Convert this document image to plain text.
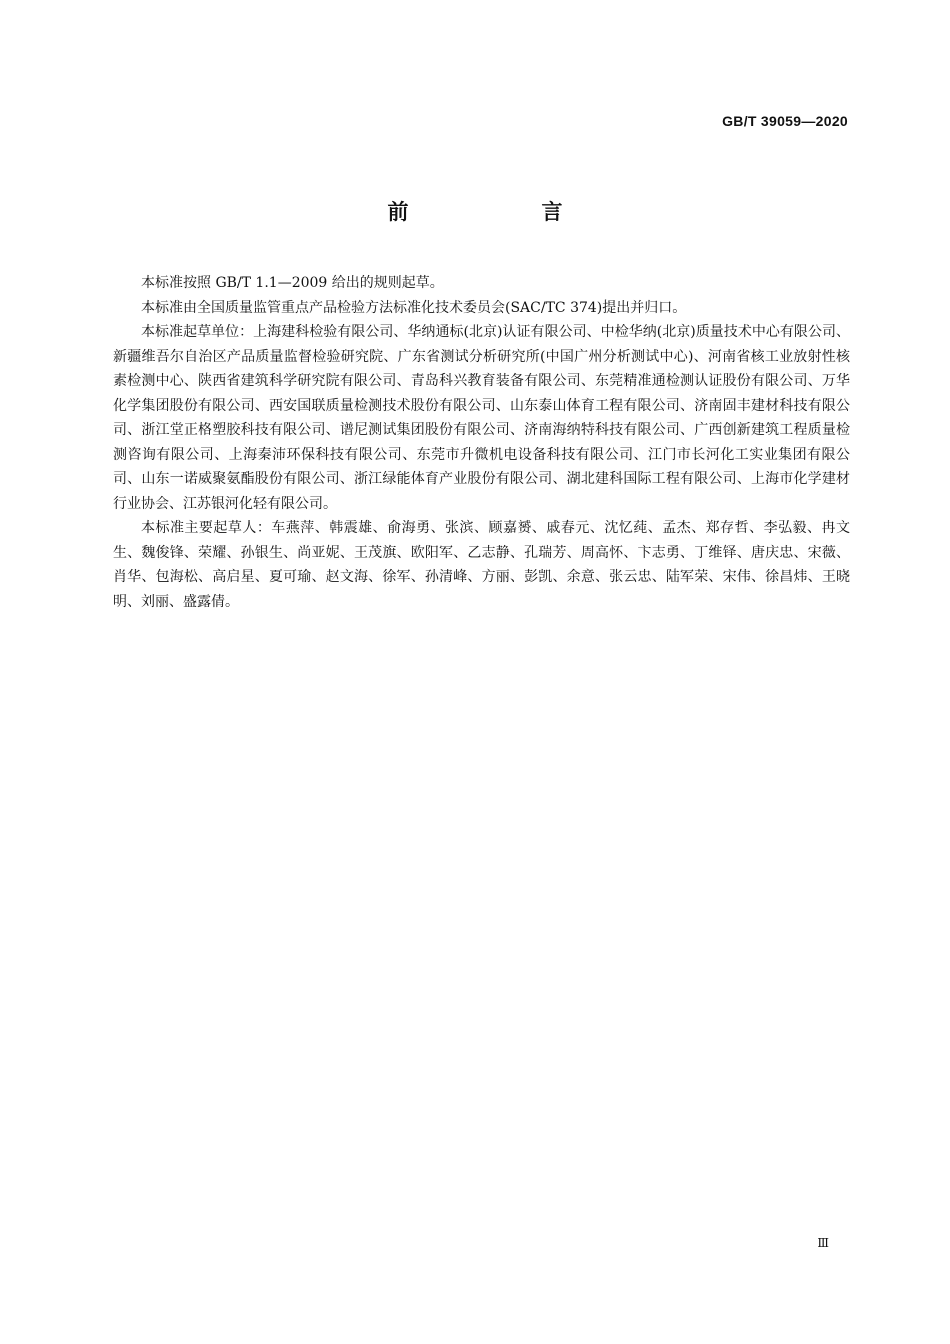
GB/T 39059—2020
前　言

本标准按照 GB/T 1.1—2009 给出的规则起草。

本标准由全国质量监管重点产品检验方法标准化技术委员会(SAC/TC 374)提出并归口。

本标准起草单位：上海建科检验有限公司、华纳通标(北京)认证有限公司、中检华纳(北京)质量技术中心有限公司、新疆维吾尔自治区产品质量监督检验研究院、广东省测试分析研究所(中国广州分析测试中心)、河南省核工业放射性核素检测中心、陕西省建筑科学研究院有限公司、青岛科兴教育装备有限公司、东莞精准通检测认证股份有限公司、万华化学集团股份有限公司、西安国联质量检测技术股份有限公司、山东泰山体育工程有限公司、济南固丰建材科技有限公司、浙江堂正格塑胶科技有限公司、谱尼测试集团股份有限公司、济南海纳特科技有限公司、广西创新建筑工程质量检测咨询有限公司、上海秦沛环保科技有限公司、东莞市升微机电设备科技有限公司、江门市长河化工实业集团有限公司、山东一诺威聚氨酯股份有限公司、浙江绿能体育产业股份有限公司、湖北建科国际工程有限公司、上海市化学建材行业协会、江苏银河化轻有限公司。

本标准主要起草人：车燕萍、韩震雄、俞海勇、张滨、顾嘉赟、戚春元、沈忆莼、孟杰、郑存哲、李弘毅、冉文生、魏俊锋、荣耀、孙银生、尚亚妮、王茂旗、欧阳军、乙志静、孔瑞芳、周高怀、卞志勇、丁维铎、唐庆忠、宋薇、肖华、包海松、高启星、夏可瑜、赵文海、徐军、孙清峰、方丽、彭凯、余意、张云忠、陆军荣、宋伟、徐昌炜、王晓明、刘丽、盛露倩。

Ⅲ
